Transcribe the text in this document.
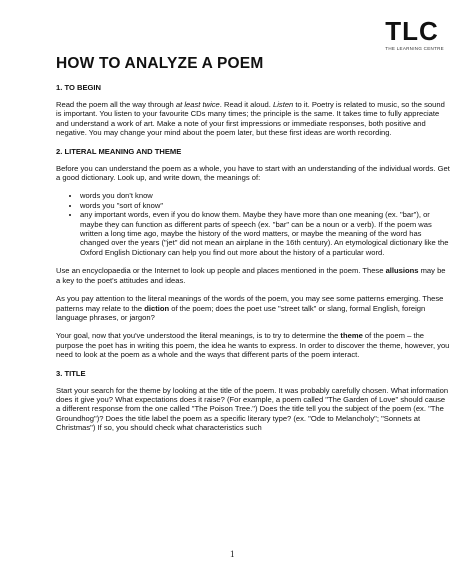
TLC
THE LEARNING CENTRE
HOW TO ANALYZE A POEM
1. TO BEGIN

Read the poem all the way through at least twice. Read it aloud. Listen to it. Poetry is related to music, so the sound is important. You listen to your favourite CDs many times; the principle is the same. It takes time to fully appreciate and understand a work of art. Make a note of your first impressions or immediate responses, both positive and negative. You may change your mind about the poem later, but these first ideas are worth recording.

2. LITERAL MEANING AND THEME

Before you can understand the poem as a whole, you have to start with an understanding of the individual words. Get a good dictionary. Look up, and write down, the meanings of:

• words you don't know
• words you "sort of know"
• any important words, even if you do know them. Maybe they have more than one meaning (ex. "bar"), or maybe they can function as different parts of speech (ex. "bar" can be a noun or a verb). If the poem was written a long time ago, maybe the history of the word matters, or maybe the meaning of the word has changed over the years ("jet" did not mean an airplane in the 16th century). An etymological dictionary like the Oxford English Dictionary can help you find out more about the history of a particular word.

Use an encyclopaedia or the Internet to look up people and places mentioned in the poem. These allusions may be a key to the poet's attitudes and ideas.

As you pay attention to the literal meanings of the words of the poem, you may see some patterns emerging. These patterns may relate to the diction of the poem; does the poet use "street talk" or slang, formal English, foreign language phrases, or jargon?

Your goal, now that you've understood the literal meanings, is to try to determine the theme of the poem – the purpose the poet has in writing this poem, the idea he wants to express. In order to discover the theme, however, you need to look at the poem as a whole and the ways that different parts of the poem interact.

3. TITLE

Start your search for the theme by looking at the title of the poem. It was probably carefully chosen. What information does it give you? What expectations does it raise? (For example, a poem called "The Garden of Love" should cause a different response from the one called "The Poison Tree.") Does the title tell you the subject of the poem (ex. "The Groundhog")? Does the title label the poem as a specific literary type? (ex. "Ode to Melancholy"; "Sonnets at Christmas") If so, you should check what characteristics such

1
